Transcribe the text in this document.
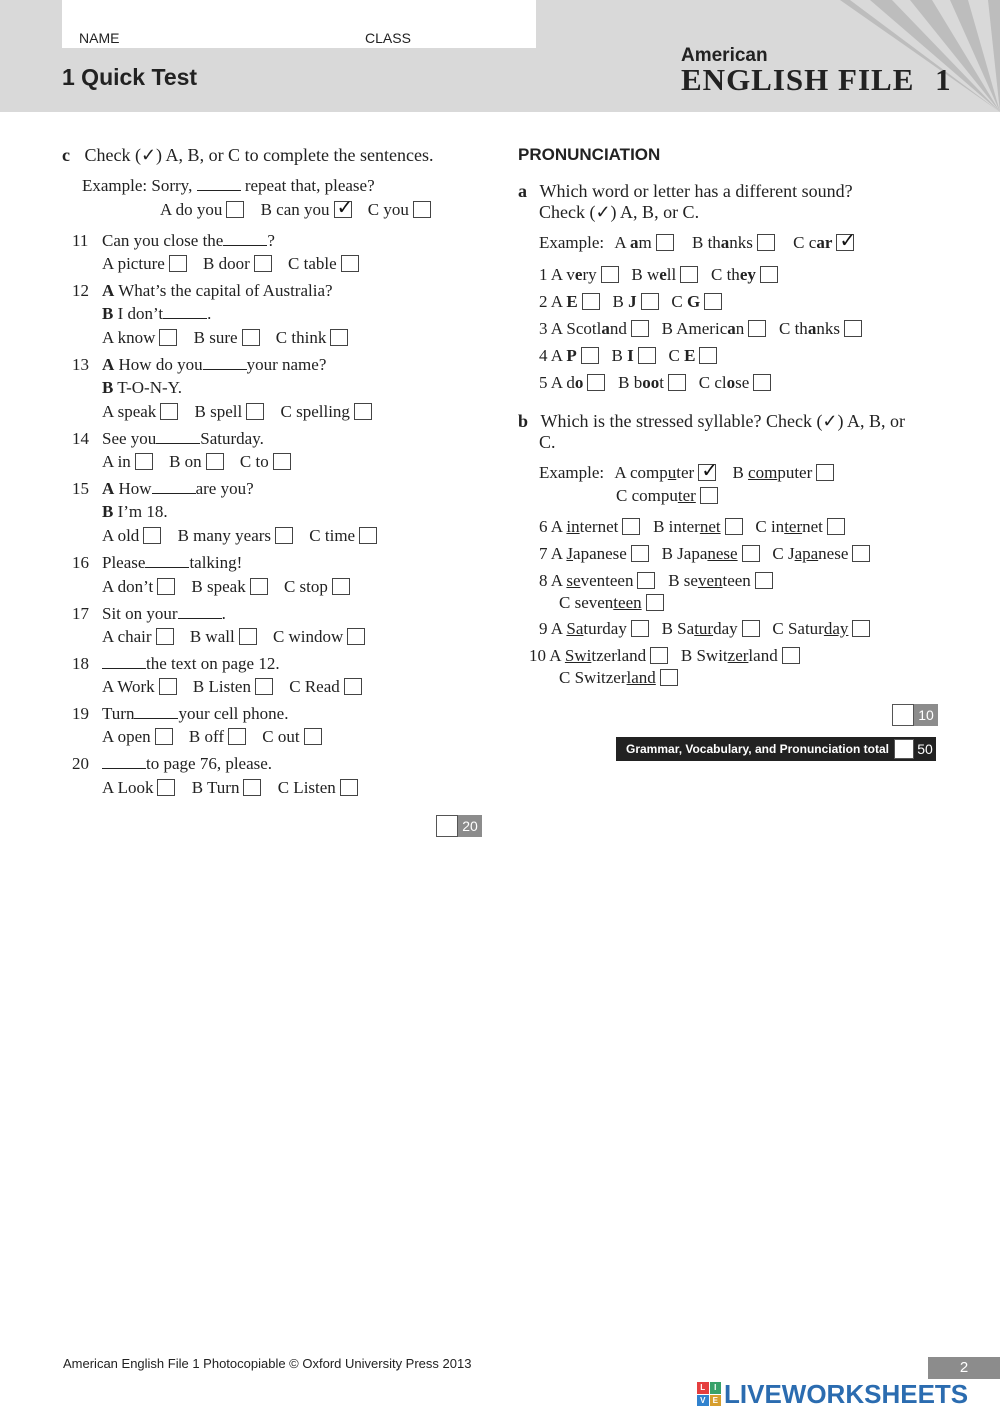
NAME	CLASS
1 Quick Test
American
ENGLISH FILE 1
c Check (✓) A, B, or C to complete the sentences.
Example: Sorry,	repeat that, please?
A do you B can you ✓ C you
11 Can you close the	?
A picture B door C table
12 A What’s the capital of Australia?
B I don’t	.
A know B sure C think
13 A How do you	your name?
B T-O-N-Y.
A speak B spell C spelling
14 See you	Saturday.
A in B on C to
15 A How	are you?
B I’m 18.
A old B many years C time
16 Please	talking!
A don’t B speak C stop
17 Sit on your	.
A chair B wall C window
18	the text on page 12.
A Work B Listen C Read
19 Turn	your cell phone.
A open B off C out
20	to page 76, please.
A Look B Turn C Listen
20
PRONUNCIATION
a Which word or letter has a different sound?
Check (✓) A, B, or C.
Example: A am B thanks C car✓
1 A very   B well   C they
2 A E   B J   C G
3 A Scotland   B American   C thanks
4 A P   B I   C E
5 A do   B boot   C close
b Which is the stressed syllable? Check (✓) A, B, or
C.
Example: A computer ✓ B computer
C computer
6 A internet   B internet   C internet
7 A Japanese   B Japanese   C Japanese
8 A seventeen   B seventeen
C seventeen
9 A Saturday   B Saturday   C Saturday
10 A Switzerland   B Switzerland
C Switzerland
10
Grammar, Vocabulary, and Pronunciation total	50
American English File 1 Photocopiable © Oxford University Press 2013	2
L	I
V E LIVEWORKSHEETS
